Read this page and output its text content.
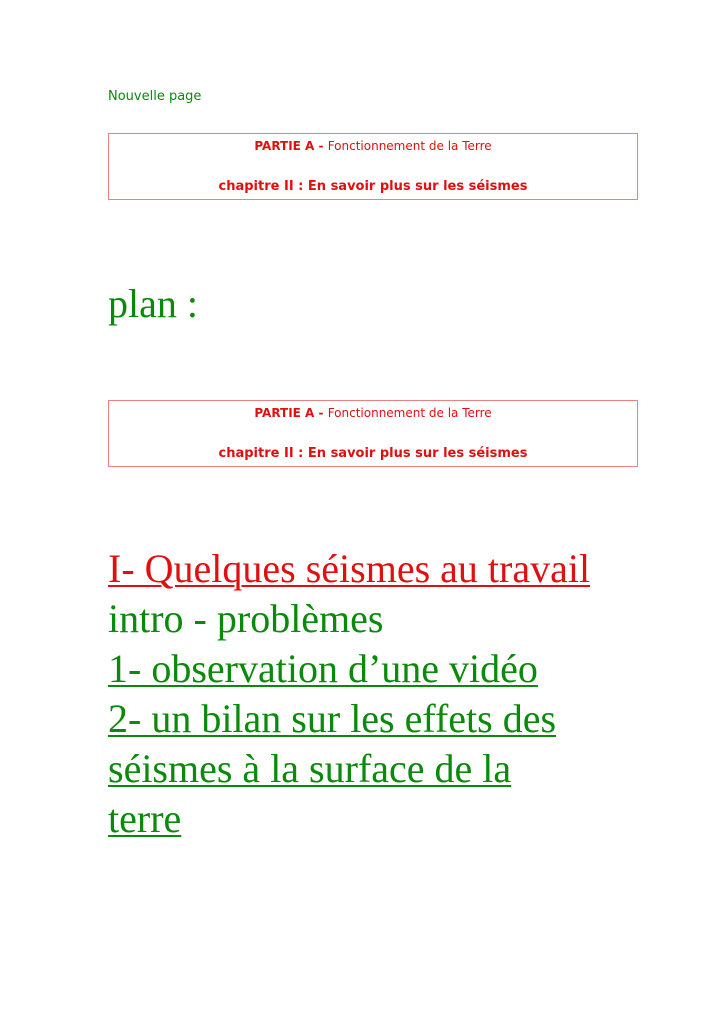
Nouvelle page
PARTIE A - Fonctionnement de la Terre
chapitre II : En savoir plus sur les séismes
plan :
PARTIE A - Fonctionnement de la Terre
chapitre II : En savoir plus sur les séismes
I- Quelques séismes au travail
intro - problèmes
1- observation d’une vidéo
2- un bilan sur les effets des
séismes à la surface de la
terre
